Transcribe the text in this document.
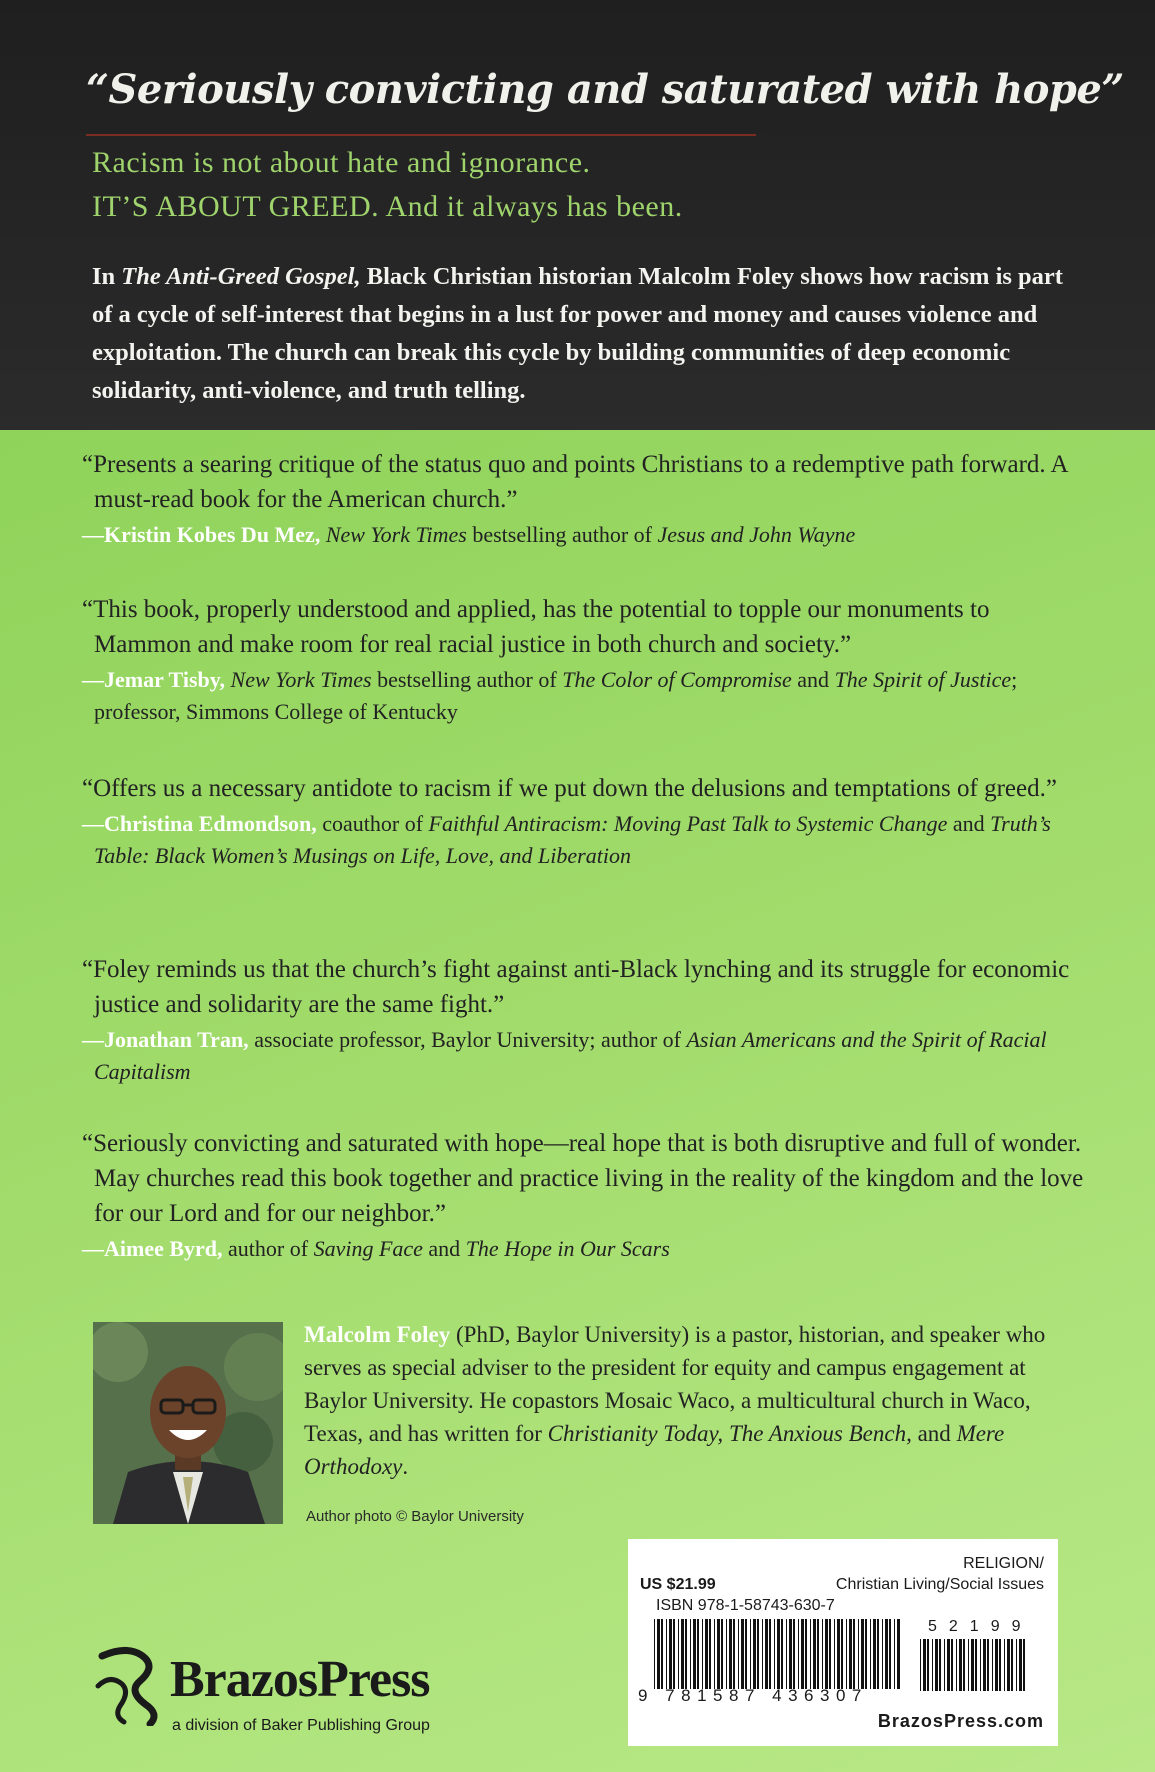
“Seriously convicting and saturated with hope”

Racism is not about hate and ignorance.

IT’S ABOUT GREED. And it always has been.

In The Anti-Greed Gospel, Black Christian historian Malcolm Foley shows how racism is part of a cycle of self-interest that begins in a lust for power and money and causes violence and exploitation. The church can break this cycle by building communities of deep economic solidarity, anti-violence, and truth telling.

“Presents a searing critique of the status quo and points Christians to a redemptive path forward. A must-read book for the American church.”

—Kristin Kobes Du Mez, New York Times bestselling author of Jesus and John Wayne

“This book, properly understood and applied, has the potential to topple our monuments to Mammon and make room for real racial justice in both church and society.”

—Jemar Tisby, New York Times bestselling author of The Color of Compromise and The Spirit of Justice; professor, Simmons College of Kentucky

“Offers us a necessary antidote to racism if we put down the delusions and temptations of greed.”

—Christina Edmondson, coauthor of Faithful Antiracism: Moving Past Talk to Systemic Change and Truth’s Table: Black Women’s Musings on Life, Love, and Liberation

“Foley reminds us that the church’s fight against anti-Black lynching and its struggle for economic justice and solidarity are the same fight.”

—Jonathan Tran, associate professor, Baylor University; author of Asian Americans and the Spirit of Racial Capitalism

“Seriously convicting and saturated with hope—real hope that is both disruptive and full of wonder. May churches read this book together and practice living in the reality of the kingdom and the love for our Lord and for our neighbor.”

—Aimee Byrd, author of Saving Face and The Hope in Our Scars

Malcolm Foley (PhD, Baylor University) is a pastor, historian, and speaker who serves as special adviser to the president for equity and campus engagement at Baylor University. He copastors Mosaic Waco, a multicultural church in Waco, Texas, and has written for Christianity Today, The Anxious Bench, and Mere Orthodoxy.

Author photo © Baylor University

BrazosPress

a division of Baker Publishing Group

RELIGION/

Christian Living/Social Issues

US $21.99

ISBN 978-1-58743-630-7

52199

9 781587 436307

BrazosPress.com
